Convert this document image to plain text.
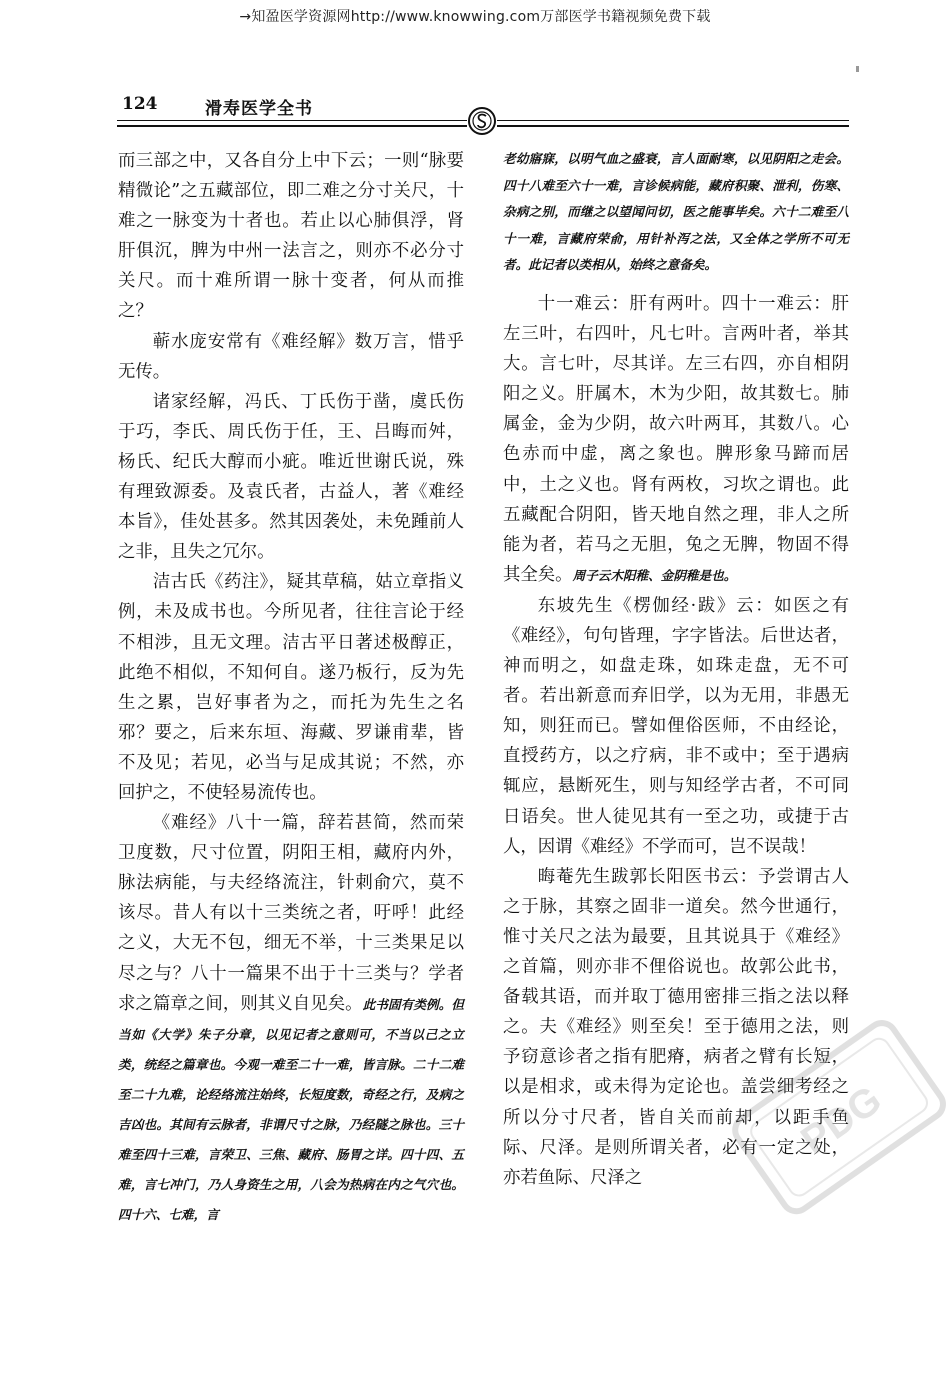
→知盈医学资源网http://www.knowwing.com万部医学书籍视频免费下载
124	滑寿医学全书

而三部之中，又各自分上中下云；一则“脉要精微论”之五藏部位，即二难之分寸关尺，十难之一脉变为十者也。若止以心肺俱浮，肾肝俱沉，脾为中州一法言之，则亦不必分寸关尺。而十难所谓一脉十变者，何从而推之？

蕲水庞安常有《难经解》数万言，惜乎无传。

诸家经解，冯氏、丁氏伤于凿，虞氏伤于巧，李氏、周氏伤于任，王、吕晦而舛，杨氏、纪氏大醇而小疵。唯近世谢氏说，殊有理致源委。及袁氏者，古益人，著《难经本旨》，佳处甚多。然其因袭处，未免踵前人之非，且失之冗尔。

洁古氏《药注》，疑其草稿，姑立章指义例，未及成书也。今所见者，往往言论于经不相涉，且无文理。洁古平日著述极醇正，此绝不相似，不知何自。遂乃板行，反为先生之累，岂好事者为之，而托为先生之名邪？要之，后来东垣、海藏、罗谦甫辈，皆不及见；若见，必当与足成其说；不然，亦回护之，不使轻易流传也。

《难经》八十一篇，辞若甚简，然而荣卫度数，尺寸位置，阴阳王相，藏府内外，脉法病能，与夫经络流注，针刺俞穴，莫不该尽。昔人有以十三类统之者，吁呼！此经之义，大无不包，细无不举，十三类果足以尽之与？八十一篇果不出于十三类与？学者求之篇章之间，则其义自见矣。此书固有类例。但当如《大学》朱子分章，以见记者之意则可，不当以己之立类，统经之篇章也。今观一难至二十一难，皆言脉。二十二难至二十九难，论经络流注始终，长短度数，奇经之行，及病之吉凶也。其间有云脉者，非谓尺寸之脉，乃经隧之脉也。三十难至四十三难，言荣卫、三焦、藏府、肠胃之详。四十四、五难，言七冲门，乃人身资生之用，八会为热病在内之气穴也。四十六、七难，言

老幼寤寐，以明气血之盛衰，言人面耐寒，以见阴阳之走会。四十八难至六十一难，言诊候病能，藏府积聚、泄利，伤寒、杂病之别，而继之以望闻问切，医之能事毕矣。六十二难至八十一难，言藏府荣俞，用针补泻之法，又全体之学所不可无者。此记者以类相从，始终之意备矣。

十一难云：肝有两叶。四十一难云：肝左三叶，右四叶，凡七叶。言两叶者，举其大。言七叶，尽其详。左三右四，亦自相阴阳之义。肝属木，木为少阳，故其数七。肺属金，金为少阴，故六叶两耳，其数八。心色赤而中虚，离之象也。脾形象马蹄而居中，土之义也。肾有两枚，习坎之谓也。此五藏配合阴阳，皆天地自然之理，非人之所能为者，若马之无胆，兔之无脾，物固不得其全矣。周子云木阳稚、金阴稚是也。

东坡先生《楞伽经·跋》云：如医之有《难经》，句句皆理，字字皆法。后世达者，神而明之，如盘走珠，如珠走盘，无不可者。若出新意而弃旧学，以为无用，非愚无知，则狂而已。譬如俚俗医师，不由经论，直授药方，以之疗病，非不或中；至于遇病辄应，悬断死生，则与知经学古者，不可同日语矣。世人徒见其有一至之功，或捷于古人，因谓《难经》不学而可，岂不误哉！

晦菴先生跋郭长阳医书云：予尝谓古人之于脉，其察之固非一道矣。然今世通行，惟寸关尺之法为最要，且其说具于《难经》之首篇，则亦非不俚俗说也。故郭公此书，备载其语，而并取丁德用密排三指之法以释之。夫《难经》则至矣！至于德用之法，则予窃意诊者之指有肥瘠，病者之臂有长短，以是相求，或未得为定论也。盖尝细考经之所以分寸尺者，皆自关而前却，以距手鱼际、尺泽。是则所谓关者，必有一定之处，亦若鱼际、尺泽之

PDG
